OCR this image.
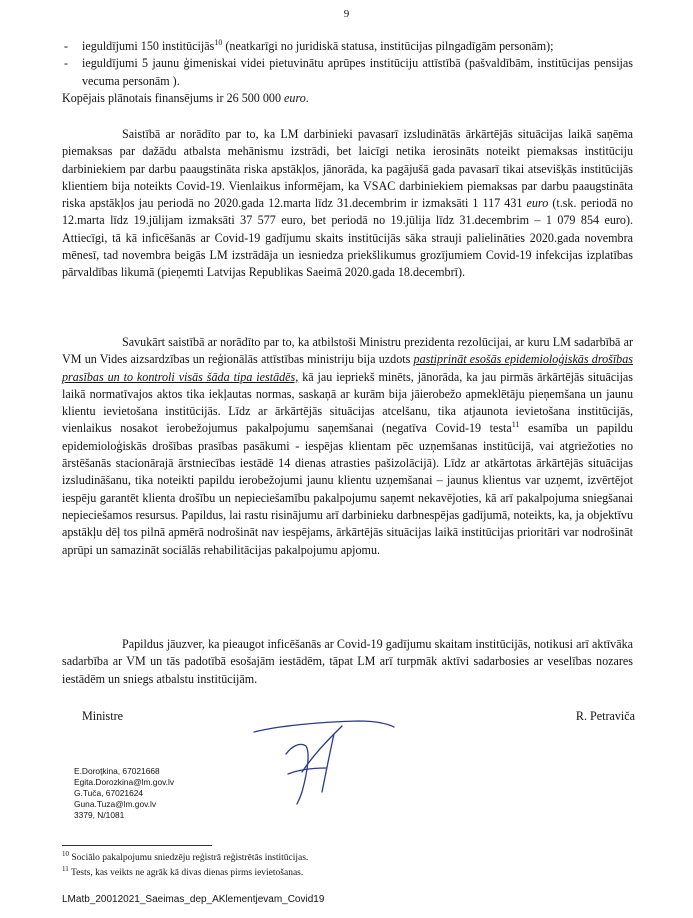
9
- ieguldījumi 150 institūcijās$^{10}$ (neatkarīgi no juridiskā statusa, institūcijas pilngadīgām personām);
- ieguldījumi 5 jaunu ģimeniskai videi pietuvinātu aprūpes institūciju attīstībā (pašvaldībām, institūcijas pensijas vecuma personām ).

Kopējais plānotais finansējums ir 26 500 000 euro.

Saistībā ar norādīto par to, ka LM darbinieki pavasarī izsludinātās ārkārtējās situācijas laikā saņēma piemaksas par dažādu atbalsta mehānismu izstrādi, bet laicīgi netika ierosināts noteikt piemaksas institūciju darbiniekiem par darbu paaugstināta riska apstākļos, jānorāda, ka pagājušā gada pavasarī tikai atsevišķās institūcijās klientiem bija noteikts Covid-19. Vienlaikus informējam, ka VSAC darbiniekiem piemaksas par darbu paaugstināta riska apstākļos jau periodā no 2020.gada 12.marta līdz 31.decembrim ir izmaksāti 1 117 431 euro (t.sk. periodā no 12.marta līdz 19.jūlijam izmaksāti 37 577 euro, bet periodā no 19.jūlija līdz 31.decembrim – 1 079 854 euro). Attiecīgi, tā kā inficēšanās ar Covid-19 gadījumu skaits institūcijās sāka strauji palielināties 2020.gada novembra mēnesī, tad novembra beigās LM izstrādāja un iesniedza priekšlikumus grozījumiem Covid-19 infekcijas izplatības pārvaldības likumā (pieņemti Latvijas Republikas Saeimā 2020.gada 18.decembrī).

Savukārt saistībā ar norādīto par to, ka atbilstoši Ministru prezidenta rezolūcijai, ar kuru LM sadarbībā ar VM un Vides aizsardzības un reģionālās attīstības ministriju bija uzdots pastiprināt esošās epidemioloģiskās drošības prasības un to kontroli visās šāda tipa iestādēs, kā jau iepriekš minēts, jānorāda, ka jau pirmās ārkārtējās situācijas laikā normatīvajos aktos tika iekļautas normas, saskaņā ar kurām bija jāierobežo apmeklētāju pieņemšana un jaunu klientu ievietošana institūcijās. Līdz ar ārkārtējās situācijas atcelšanu, tika atjaunota ievietošana institūcijās, vienlaikus nosakot ierobežojumus pakalpojumu saņemšanai (negatīva Covid-19 testa$^{11}$ esamība un papildu epidemioloģiskās drošības prasības pasākumi - iespējas klientam pēc uzņemšanas institūcijā, vai atgriežoties no ārstēšanās stacionārajā ārstniecības iestādē 14 dienas atrasties pašizolācijā). Līdz ar atkārtotas ārkārtējās situācijas izsludināšanu, tika noteikti papildu ierobežojumi jaunu klientu uzņemšanai – jaunus klientus var uzņemt, izvērtējot iespēju garantēt klienta drošību un nepieciešamību pakalpojumu saņemt nekavējoties, kā arī pakalpojuma sniegšanai nepieciešamos resursus. Papildus, lai rastu risinājumu arī darbinieku darbnespējas gadījumā, noteikts, ka, ja objektīvu apstākļu dēļ tos pilnā apmērā nodrošināt nav iespējams, ārkārtējās situācijas laikā institūcijas prioritāri var nodrošināt aprūpi un samazināt sociālās rehabilitācijas pakalpojumu apjomu.

Papildus jāuzver, ka pieaugot inficēšanās ar Covid-19 gadījumu skaitam institūcijās, notikusi arī aktīvāka sadarbība ar VM un tās padotībā esošajām iestādēm, tāpat LM arī turpmāk aktīvi sadarbosies ar veselības nozares iestādēm un sniegs atbalstu institūcijām.

Ministre	R. Petraviča
E.Doroţkina, 67021668
Egita.Dorozkina@lm.gov.lv
G.Tuča, 67021624
Guna.Tuza@lm.gov.lv
3379, N/1081
$^{10}$ Sociālo pakalpojumu sniedzēju reģistrā reģistrētās institūcijas.
$^{11}$ Tests, kas veikts ne agrāk kā divas dienas pirms ievietošanas.
LMatb_20012021_Saeimas_dep_AKlementjevam_Covid19
